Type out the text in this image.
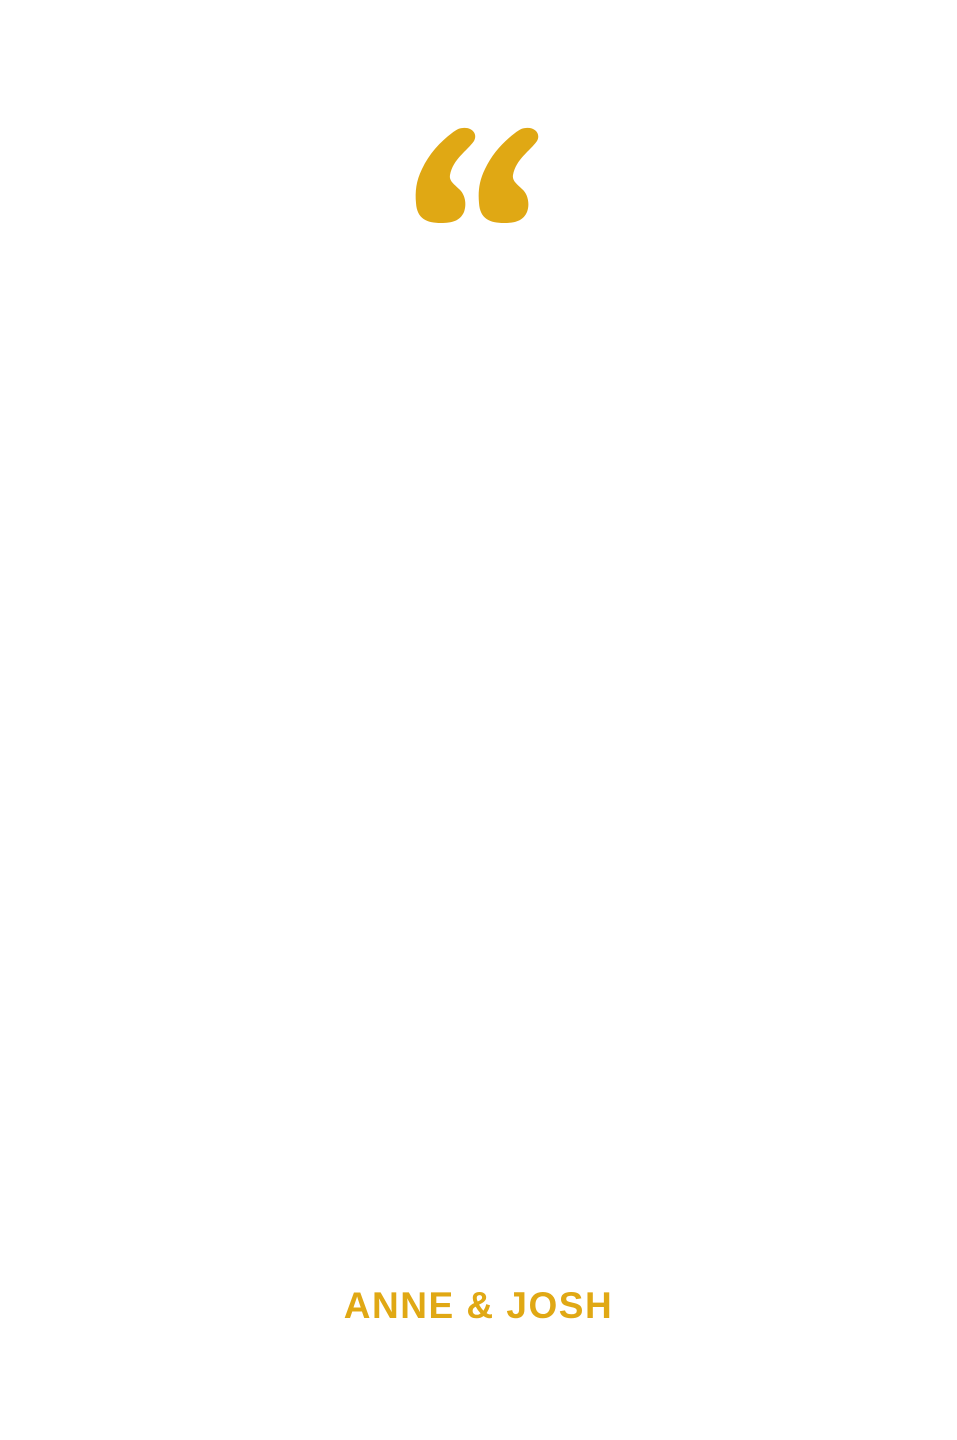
ANNE & JOSH
